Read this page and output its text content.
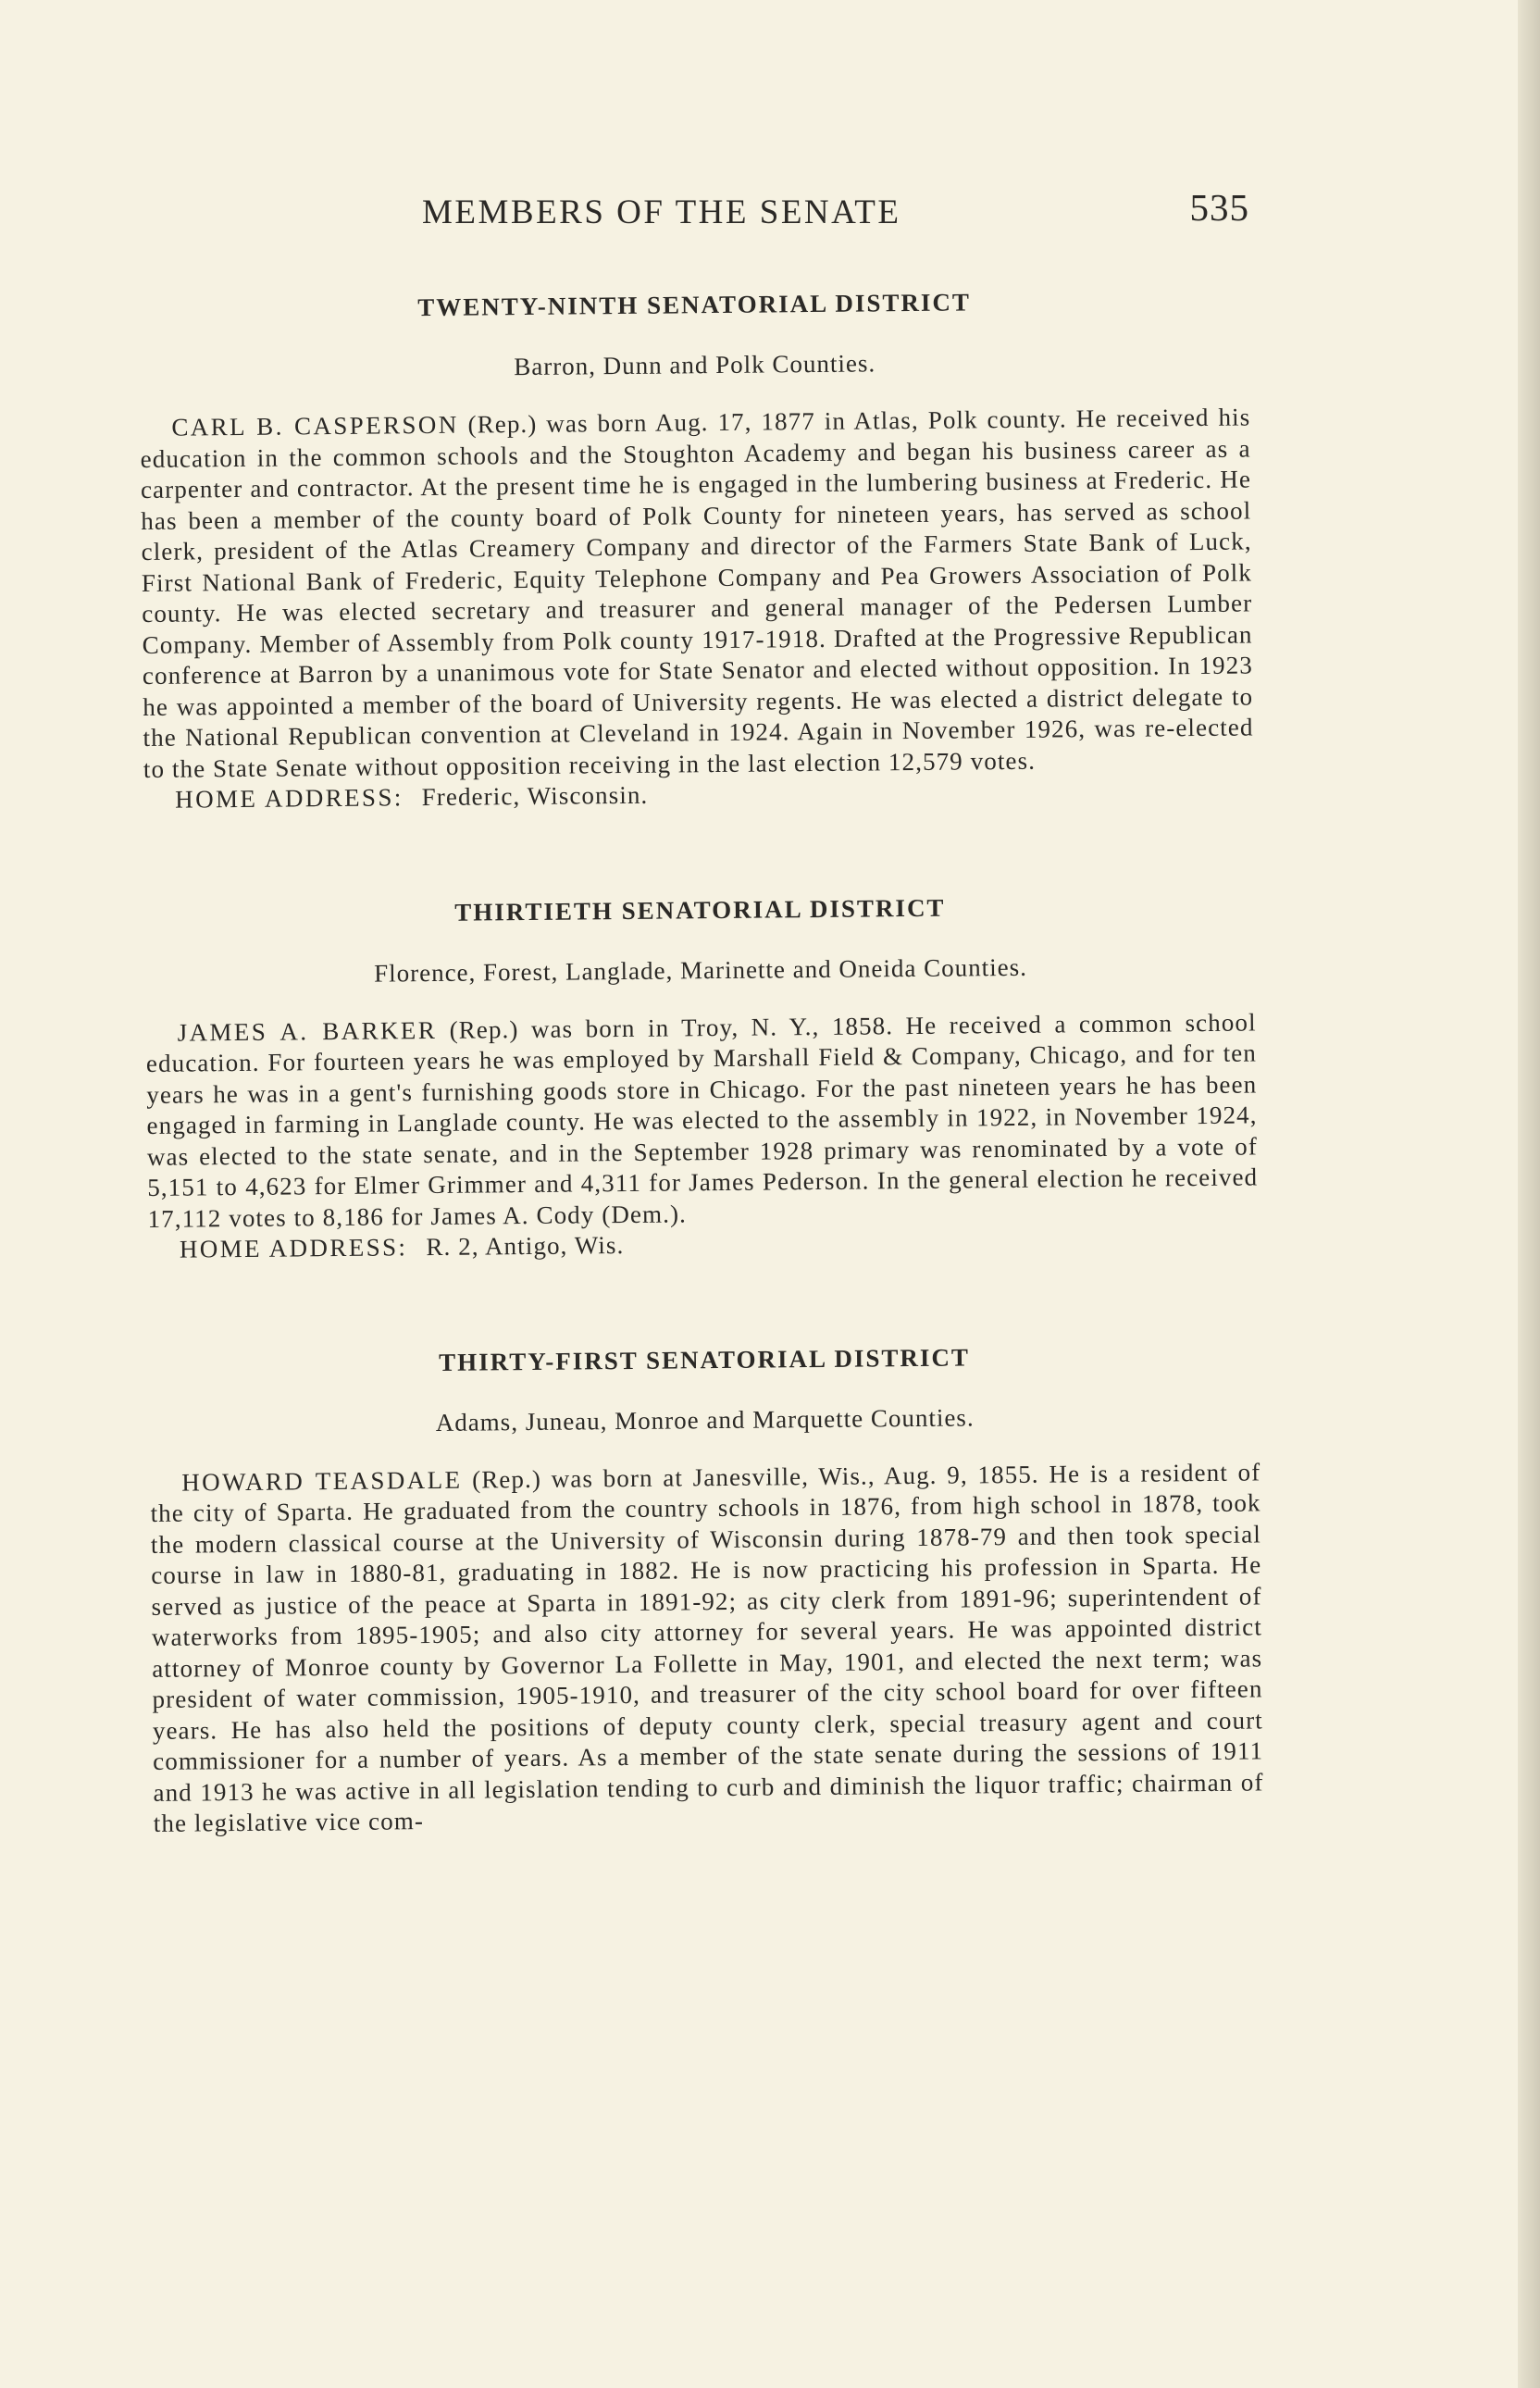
MEMBERS OF THE SENATE	535
TWENTY-NINTH SENATORIAL DISTRICT

Barron, Dunn and Polk Counties.

CARL B. CASPERSON (Rep.) was born Aug. 17, 1877 in Atlas, Polk county. He received his education in the common schools and the Stoughton Academy and began his business career as a carpenter and contractor. At the present time he is engaged in the lumbering business at Frederic. He has been a member of the county board of Polk County for nineteen years, has served as school clerk, president of the Atlas Creamery Company and director of the Farmers State Bank of Luck, First National Bank of Frederic, Equity Telephone Company and Pea Growers Association of Polk county. He was elected secretary and treasurer and general manager of the Pedersen Lumber Company. Member of Assembly from Polk county 1917-1918. Drafted at the Progressive Republican conference at Barron by a unanimous vote for State Senator and elected without opposition. In 1923 he was appointed a member of the board of University regents. He was elected a district delegate to the National Republican convention at Cleveland in 1924. Again in November 1926, was re-elected to the State Senate without opposition receiving in the last election 12,579 votes.

HOME ADDRESS: Frederic, Wisconsin.

THIRTIETH SENATORIAL DISTRICT

Florence, Forest, Langlade, Marinette and Oneida Counties.

JAMES A. BARKER (Rep.) was born in Troy, N. Y., 1858. He received a common school education. For fourteen years he was employed by Marshall Field & Company, Chicago, and for ten years he was in a gent's furnishing goods store in Chicago. For the past nineteen years he has been engaged in farming in Langlade county. He was elected to the assembly in 1922, in November 1924, was elected to the state senate, and in the September 1928 primary was renominated by a vote of 5,151 to 4,623 for Elmer Grimmer and 4,311 for James Pederson. In the general election he received 17,112 votes to 8,186 for James A. Cody (Dem.).

HOME ADDRESS: R. 2, Antigo, Wis.

THIRTY-FIRST SENATORIAL DISTRICT

Adams, Juneau, Monroe and Marquette Counties.

HOWARD TEASDALE (Rep.) was born at Janesville, Wis., Aug. 9, 1855. He is a resident of the city of Sparta. He graduated from the country schools in 1876, from high school in 1878, took the modern classical course at the University of Wisconsin during 1878-79 and then took special course in law in 1880-81, graduating in 1882. He is now practicing his profession in Sparta. He served as justice of the peace at Sparta in 1891-92; as city clerk from 1891-96; superintendent of waterworks from 1895-1905; and also city attorney for several years. He was appointed district attorney of Monroe county by Governor La Follette in May, 1901, and elected the next term; was president of water commission, 1905-1910, and treasurer of the city school board for over fifteen years. He has also held the positions of deputy county clerk, special treasury agent and court commissioner for a number of years. As a member of the state senate during the sessions of 1911 and 1913 he was active in all legislation tending to curb and diminish the liquor traffic; chairman of the legislative vice com-
